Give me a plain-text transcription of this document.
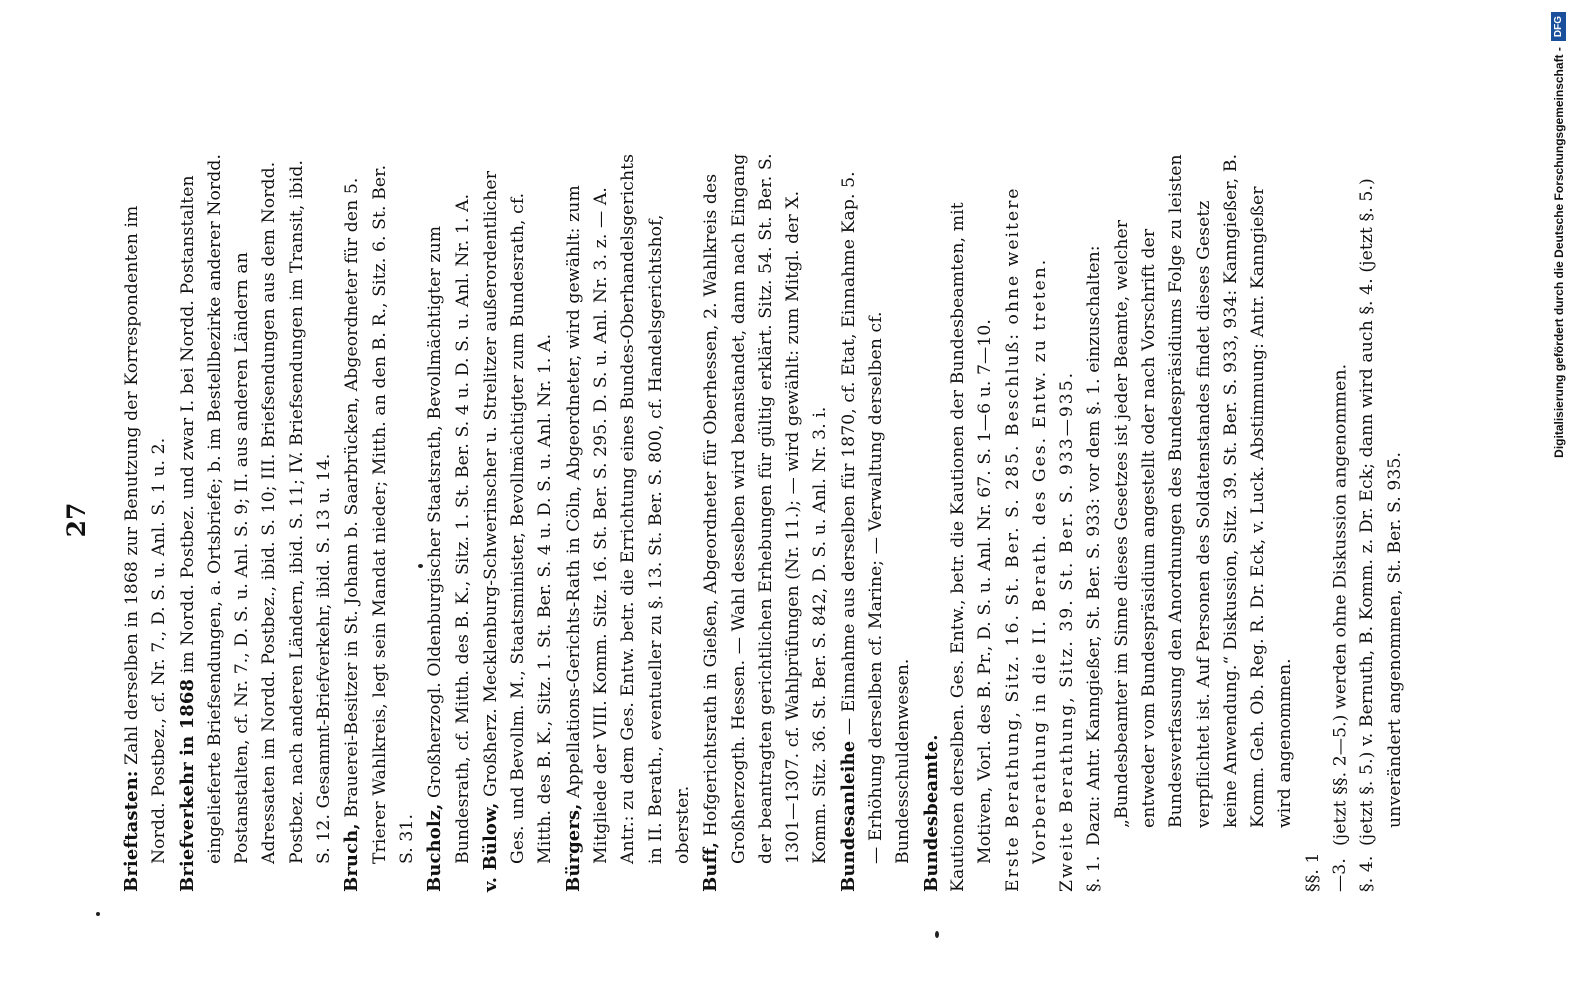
27
Brieftasten: Zahl derselben in 1868 zur Benutzung der Korrespondenten im Nordd. Postbez., cf. Nr. 7., D. S. u. Anl. S. 1 u. 2. Briefverkehr in 1868 im Nordd. Postbez. und zwar I. bei Nordd. Postanstalten eingelieferte Briefsendungen, a. Ortsbriefe; b. im Bestellbezirke anderer Nordd. Postanstalten, cf. Nr. 7., D. S. u. Anl. S. 9; II. aus anderen Ländern an Adressaten im Nordd. Postbez., ibid. S. 10; III. Briefsendungen aus dem Nordd. Postbez. nach anderen Ländern, ibid. S. 11; IV. Briefsendungen im Transit, ibid. S. 12. Gesammt-Briefverkehr, ibid. S. 13 u. 14. Bruch, Brauerei-Besitzer in St. Johann b. Saarbrücken, Abgeordneter für den 5. Trierer Wahlkreis, legt sein Mandat nieder; Mitth. an den B. R., Sitz. 6. St. Ber. S. 31. Bucholz, Großherzogl. Oldenburgischer Staatsrath, Bevollmächtigter zum Bundesrath, cf. Mitth. des B. K., Sitz. 1. St. Ber. S. 4 u. D. S. u. Anl. Nr. 1. A. v. Bülow, Großherz. Mecklenburg-Schwerinscher u. Strelitzer außerordentlicher Ges. und Bevollm. M., Staatsminister, Bevollmächtigter zum Bundesrath, cf. Mitth. des B. K., Sitz. 1. St. Ber. S. 4 u. D. S. u. Anl. Nr. 1. A. Bürgers, Appellations-Gerichts-Rath in Cöln, Abgeordneter, wird gewählt: zum Mitgliede der VIII. Komm. Sitz. 16. St. Ber. S. 295. D. S. u. Anl. Nr. 3. z. — A. Antr.: zu dem Ges. Entw. betr. die Errichtung eines Bundes-Oberhandelsgerichts in II. Berath., eventueller zu §. 13. St. Ber. S. 800, cf. Handelsgerichtshof, oberster.
Buff, Hofgerichtsrath in Gießen, Abgeordneter für Oberhessen, 2. Wahlkreis des Großherzogth. Hessen. — Wahl desselben wird beanstandet, dann nach Eingang der beantragten gerichtlichen Erhebungen für gültig erklärt. Sitz. 54. St. Ber. S. 1301—1307. cf. Wahlprüfungen (Nr. 11.); — wird gewählt: zum Mitgl. der X. Komm. Sitz. 36. St. Ber. S. 842, D. S. u. Anl. Nr. 3. i. Bundesanleihe — Einnahme aus derselben für 1870, cf. Etat, Einnahme Kap. 5. — Erhöhung derselben cf. Marine; — Verwaltung derselben cf. Bundesschuldenwesen. Bundesbeamte. Kautionen derselben. Ges. Entw., betr. die Kautionen der Bundesbeamten, mit Motiven, Vorl. des B. Pr., D. S. u. Anl. Nr. 67. S. 1—6 u. 7—10. Erste Berathung, Sitz. 16. St. Ber. S. 285. Beschluß: ohne weitere Vorberathung in die II. Berath. des Ges. Entw. zu treten. Zweite Berathung, Sitz. 39. St. Ber. S. 933—935. §. 1.Dazu: Antr. Kanngießer, St. Ber. S. 933: vor dem §. 1. einzuschalten: „Bundesbeamter im Sinne dieses Gesetzes ist jeder Beamte, welcher entweder vom Bundespräsidium angestellt oder nach Vorschrift der Bundesverfassung den Anordnungen des Bundespräsidiums Folge zu leisten verpflichtet ist. Auf Personen des Soldatenstandes findet dieses Gesetz keine Anwendung.“ Diskussion, Sitz. 39. St. Ber. S. 933, 934: Kanngießer, B. Komm. Geh. Ob. Reg. R. Dr. Eck, v. Luck. Abstimmung: Antr. Kanngießer wird angenommen.
§§. 1—3.(jetzt §§. 2—5.) werden ohne Diskussion angenommen.
§. 4.(jetzt §. 5.) v. Bernuth, B. Komm. z. Dr. Eck; dann wird auch §. 4. (jetzt §. 5.) unverändert angenommen, St. Ber. S. 935.
Digitalisierung gefördert durch die Deutsche Forschungsgemeinschaft -
DFG
